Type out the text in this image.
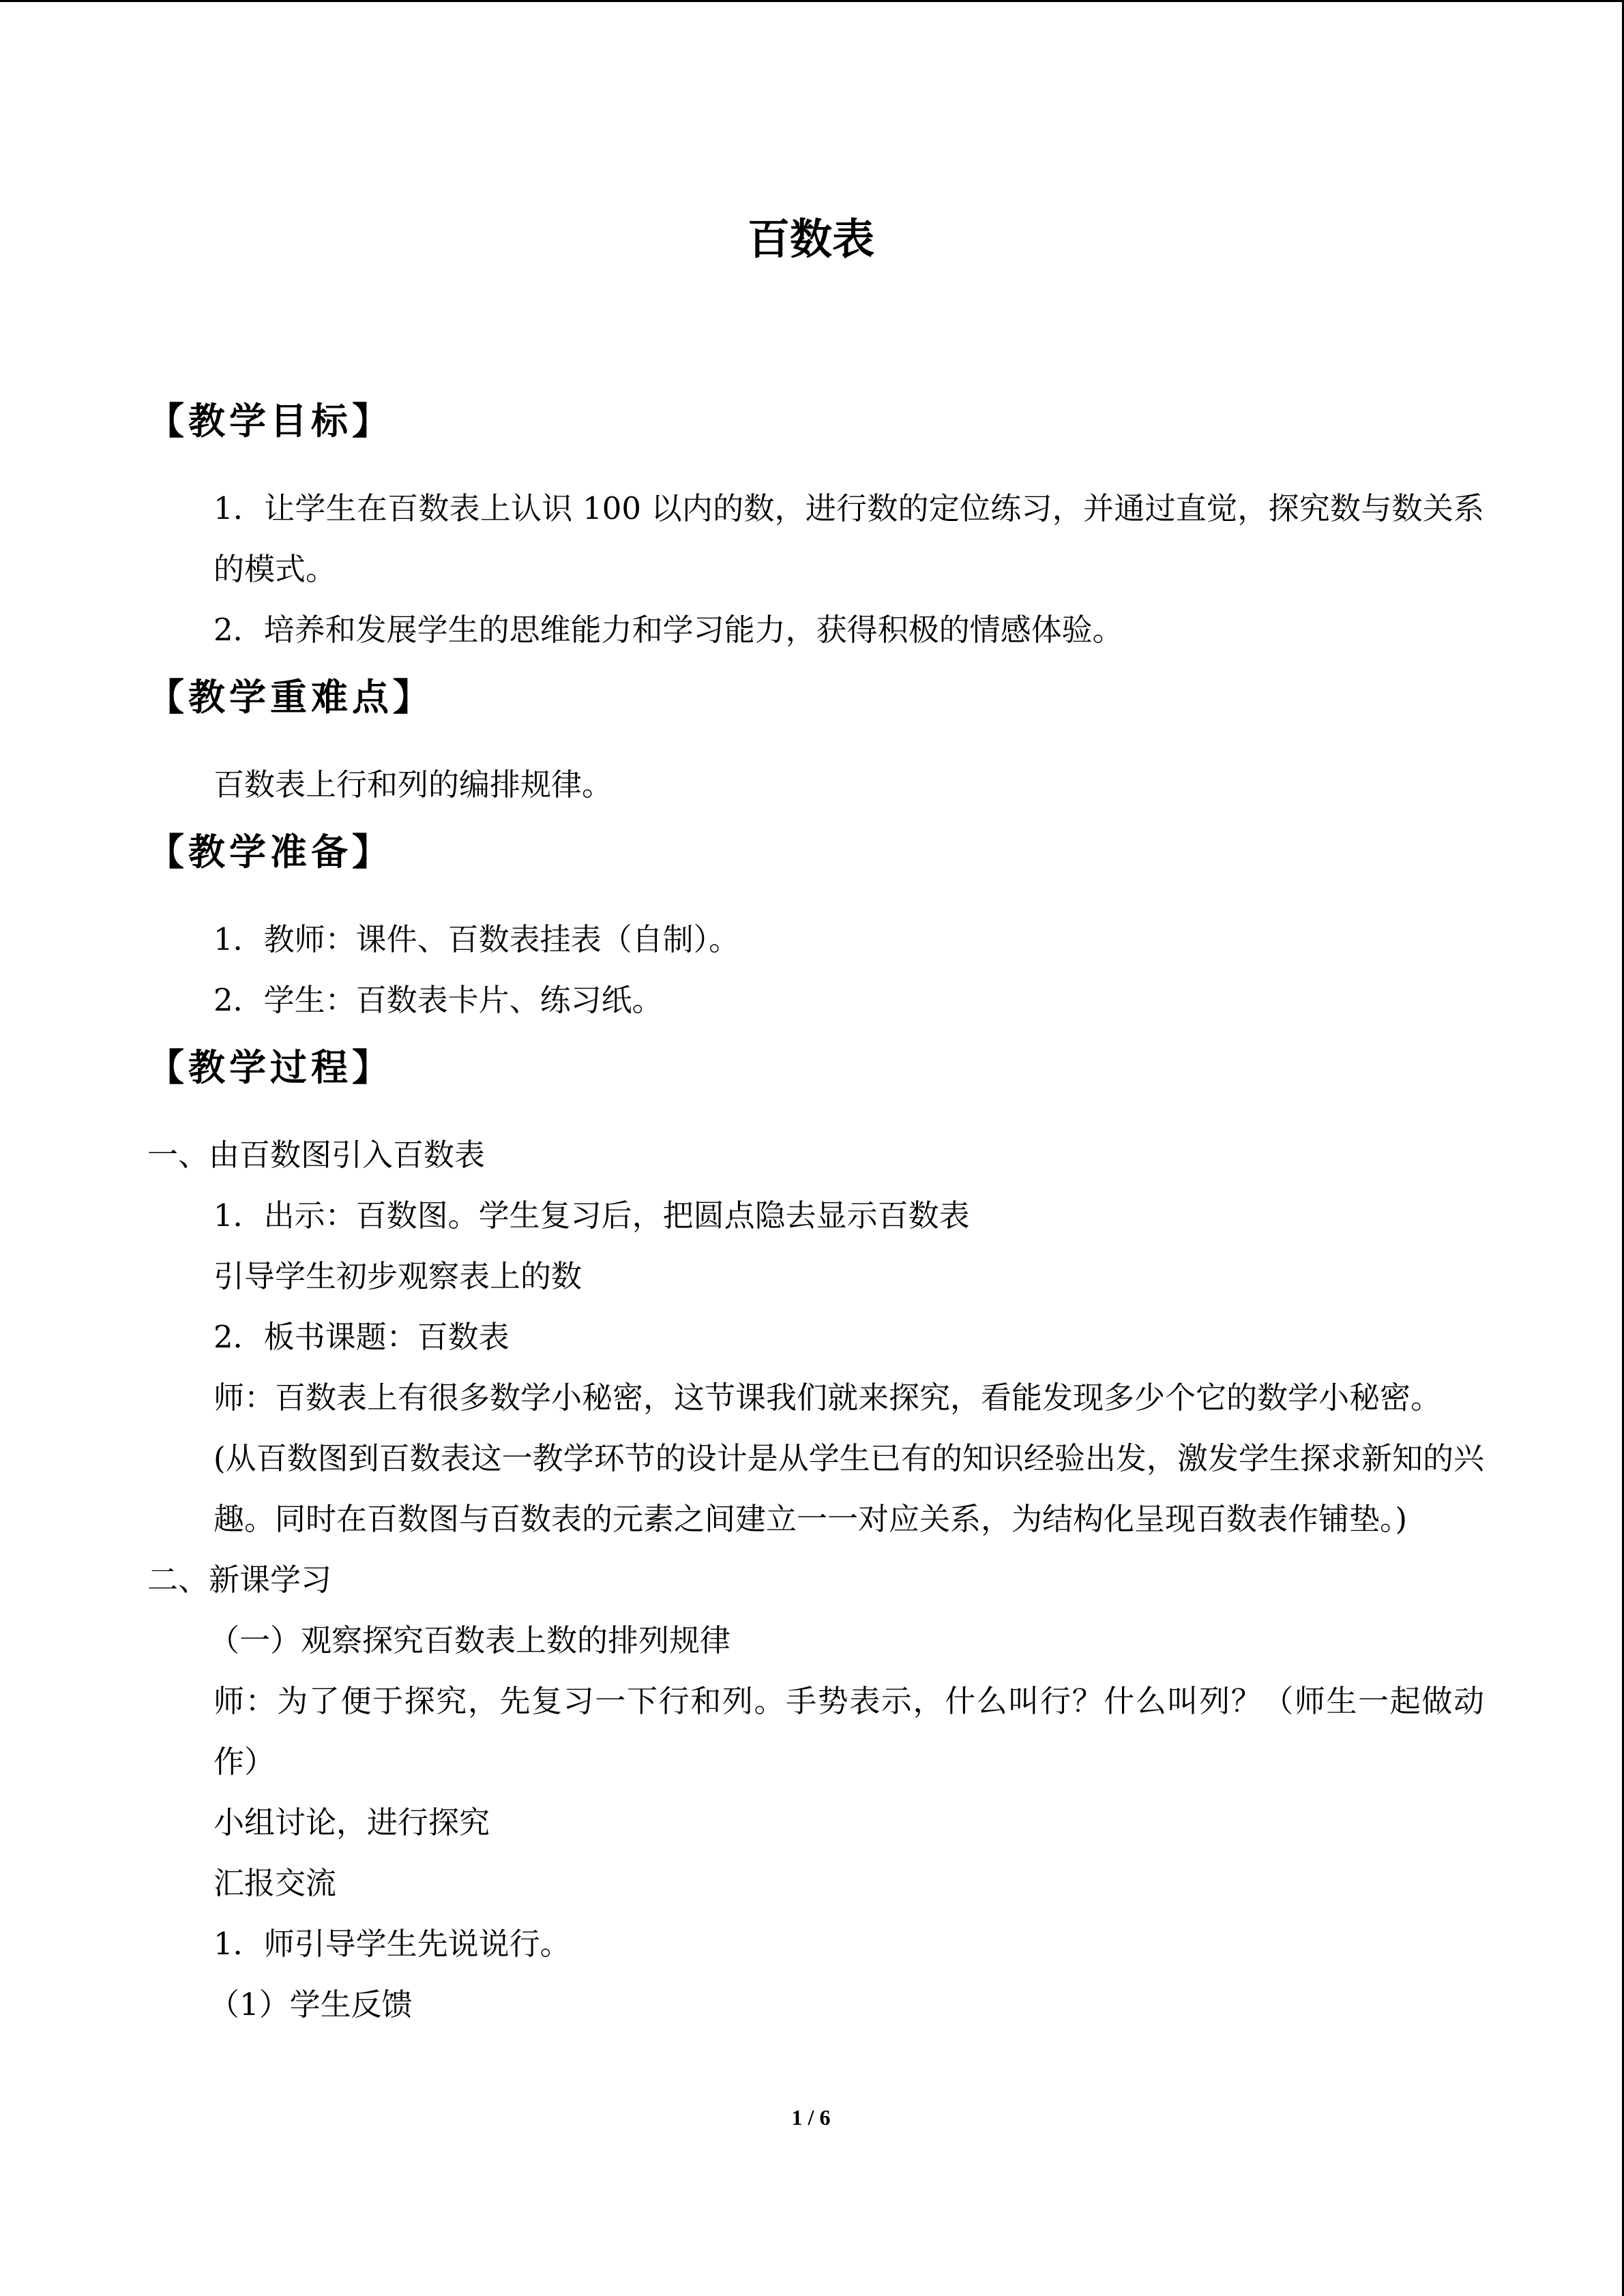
百数表
【教学目标】
1．让学生在百数表上认识 100 以内的数，进行数的定位练习，并通过直觉，探究数与数关系的模式。
2．培养和发展学生的思维能力和学习能力，获得积极的情感体验。
【教学重难点】
百数表上行和列的编排规律。
【教学准备】
1．教师：课件、百数表挂表（自制）。
2．学生：百数表卡片、练习纸。
【教学过程】
一、由百数图引入百数表
1．出示：百数图。学生复习后，把圆点隐去显示百数表
引导学生初步观察表上的数
2．板书课题：百数表
师：百数表上有很多数学小秘密，这节课我们就来探究，看能发现多少个它的数学小秘密。
(从百数图到百数表这一教学环节的设计是从学生已有的知识经验出发，激发学生探求新知的兴趣。同时在百数图与百数表的元素之间建立一一对应关系，为结构化呈现百数表作铺垫。)
二、新课学习
（一）观察探究百数表上数的排列规律
师：为了便于探究，先复习一下行和列。手势表示，什么叫行？什么叫列？（师生一起做动作）
小组讨论，进行探究
汇报交流
1．师引导学生先说说行。
（1）学生反馈
1 / 6
